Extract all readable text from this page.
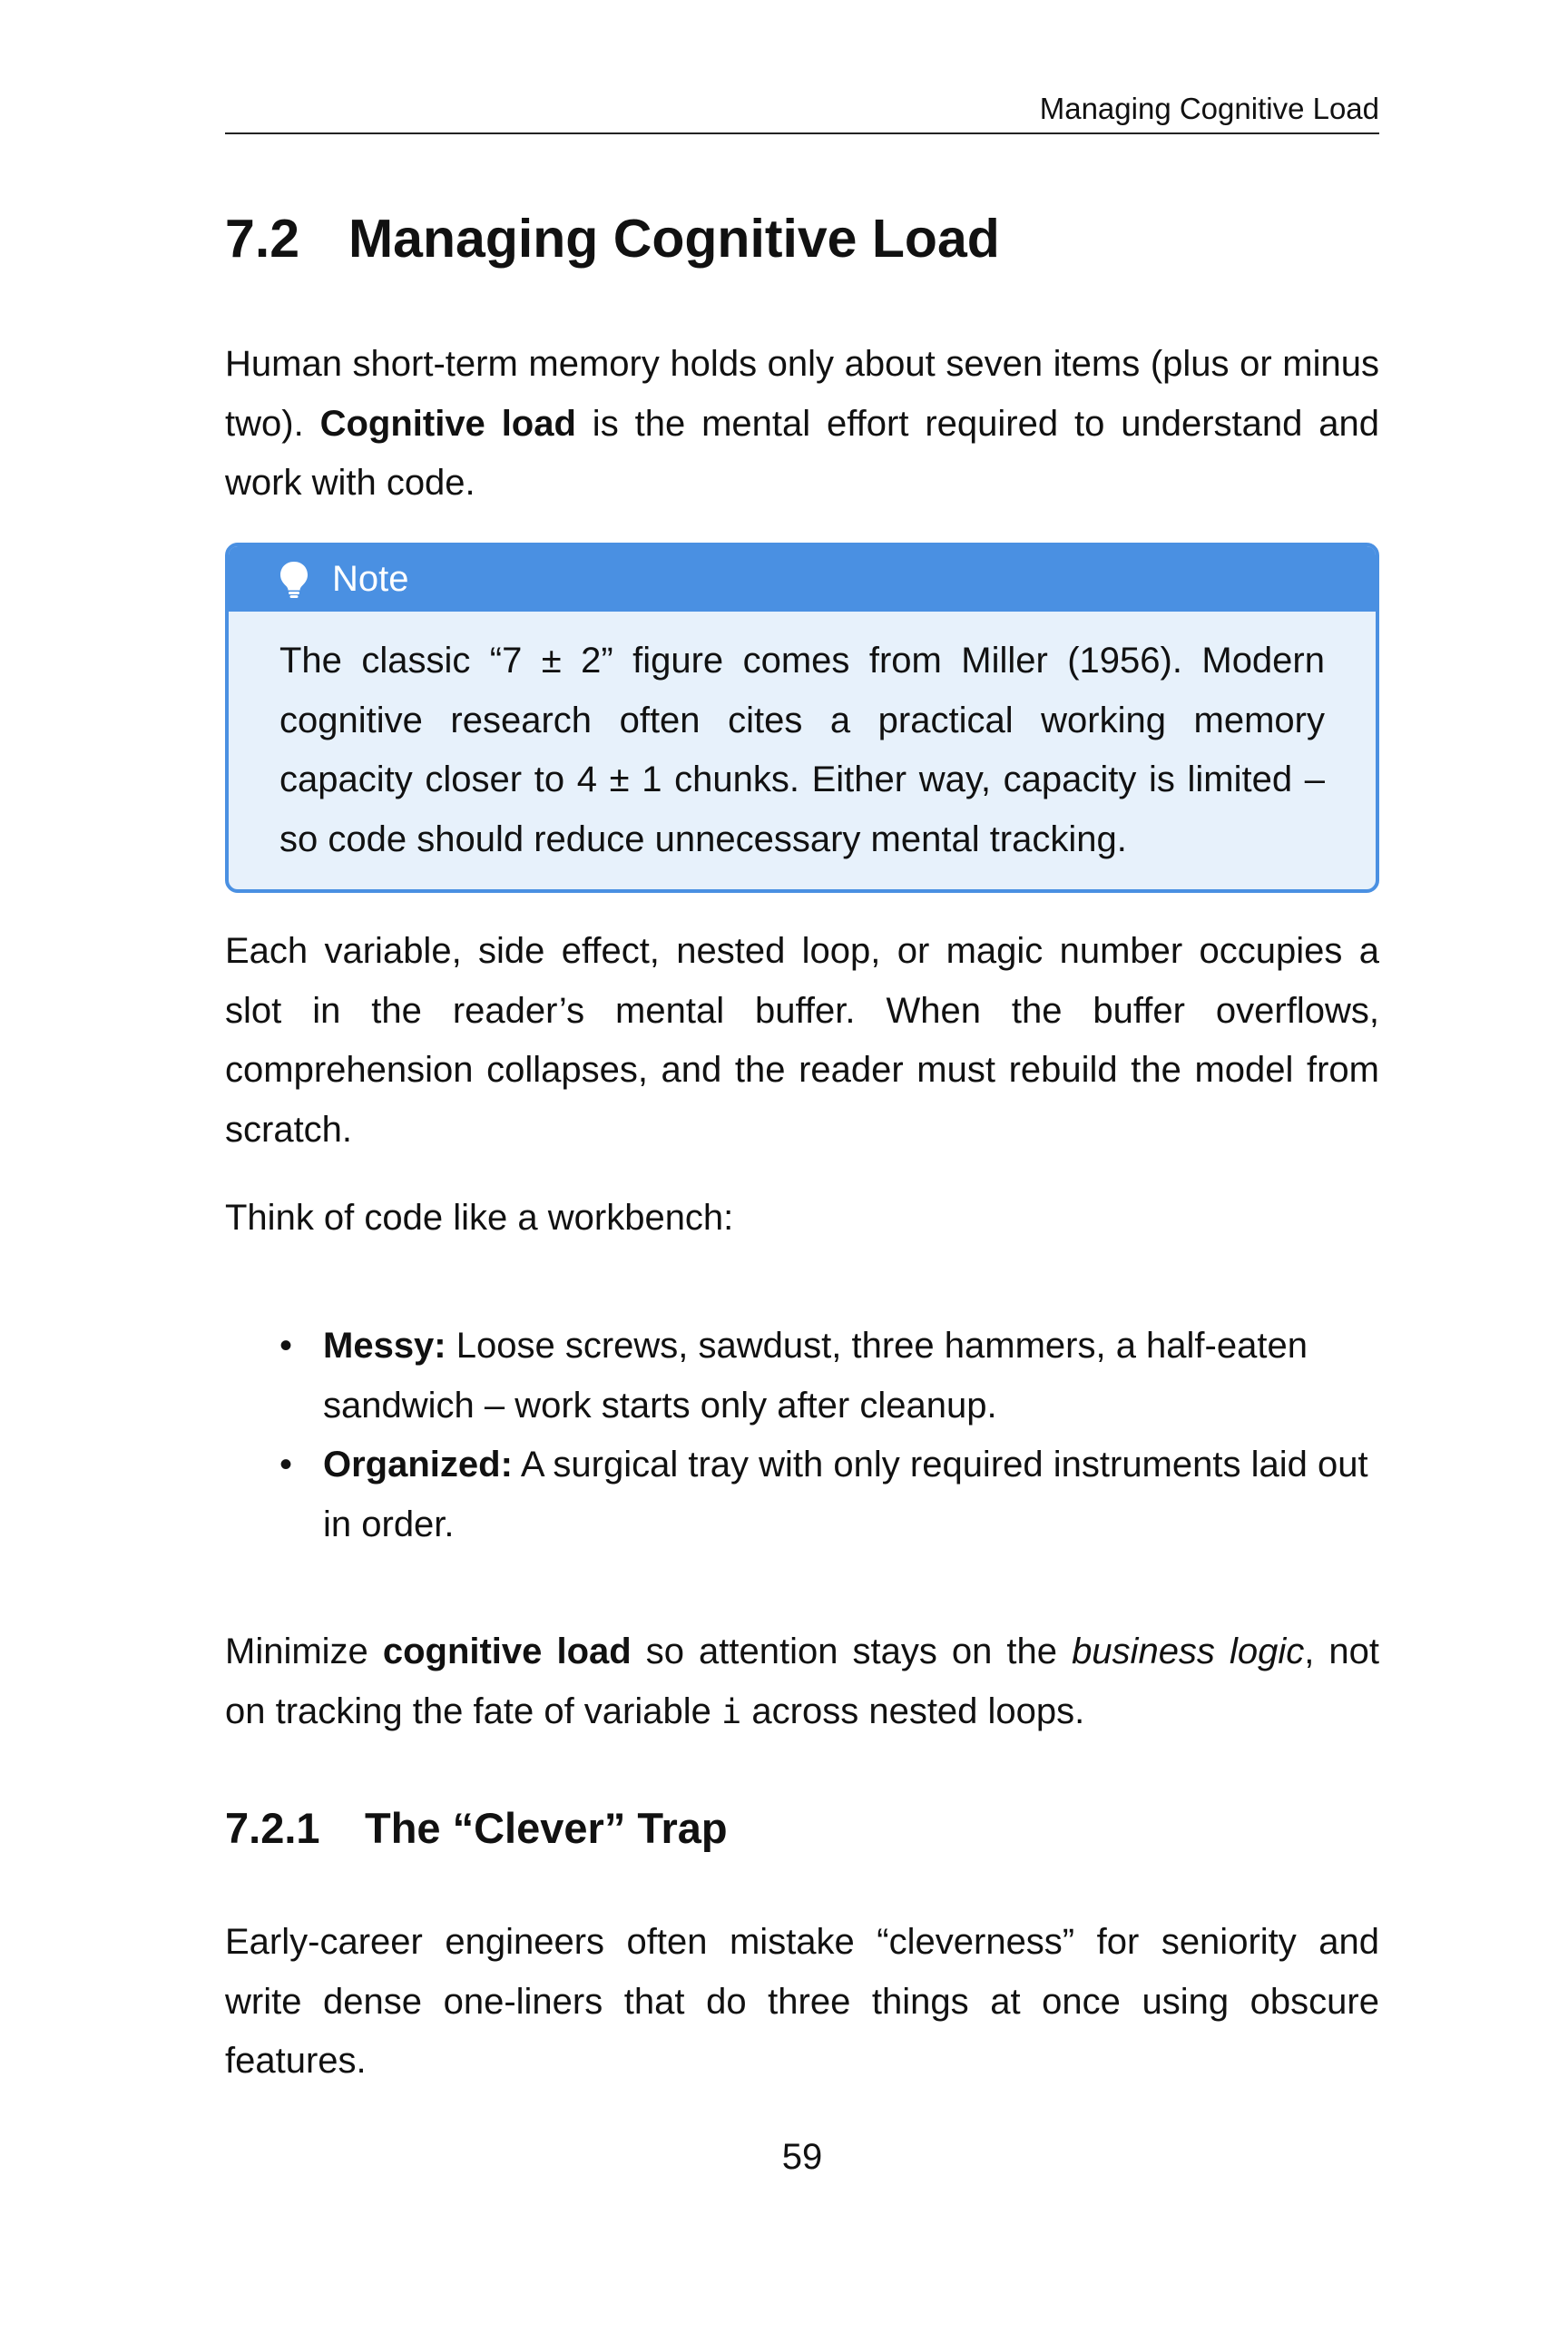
Managing Cognitive Load
7.2 Managing Cognitive Load

Human short-term memory holds only about seven items (plus or minus two). Cognitive load is the mental effort required to understand and work with code.

Note

The classic “7 ± 2” figure comes from Miller (1956). Modern cognitive research often cites a practical working memory capacity closer to 4 ± 1 chunks. Either way, capacity is limited – so code should reduce unnecessary mental tracking.

Each variable, side effect, nested loop, or magic number occupies a slot in the reader’s mental buffer. When the buffer overflows, comprehension collapses, and the reader must rebuild the model from scratch.

Think of code like a workbench:

• Messy: Loose screws, sawdust, three hammers, a half-eaten sandwich – work starts only after cleanup.
• Organized: A surgical tray with only required instruments laid out in order.

Minimize cognitive load so attention stays on the business logic, not on tracking the fate of variable i across nested loops.

7.2.1 The “Clever” Trap

Early-career engineers often mistake “cleverness” for seniority and write dense one-liners that do three things at once using obscure features.

59
